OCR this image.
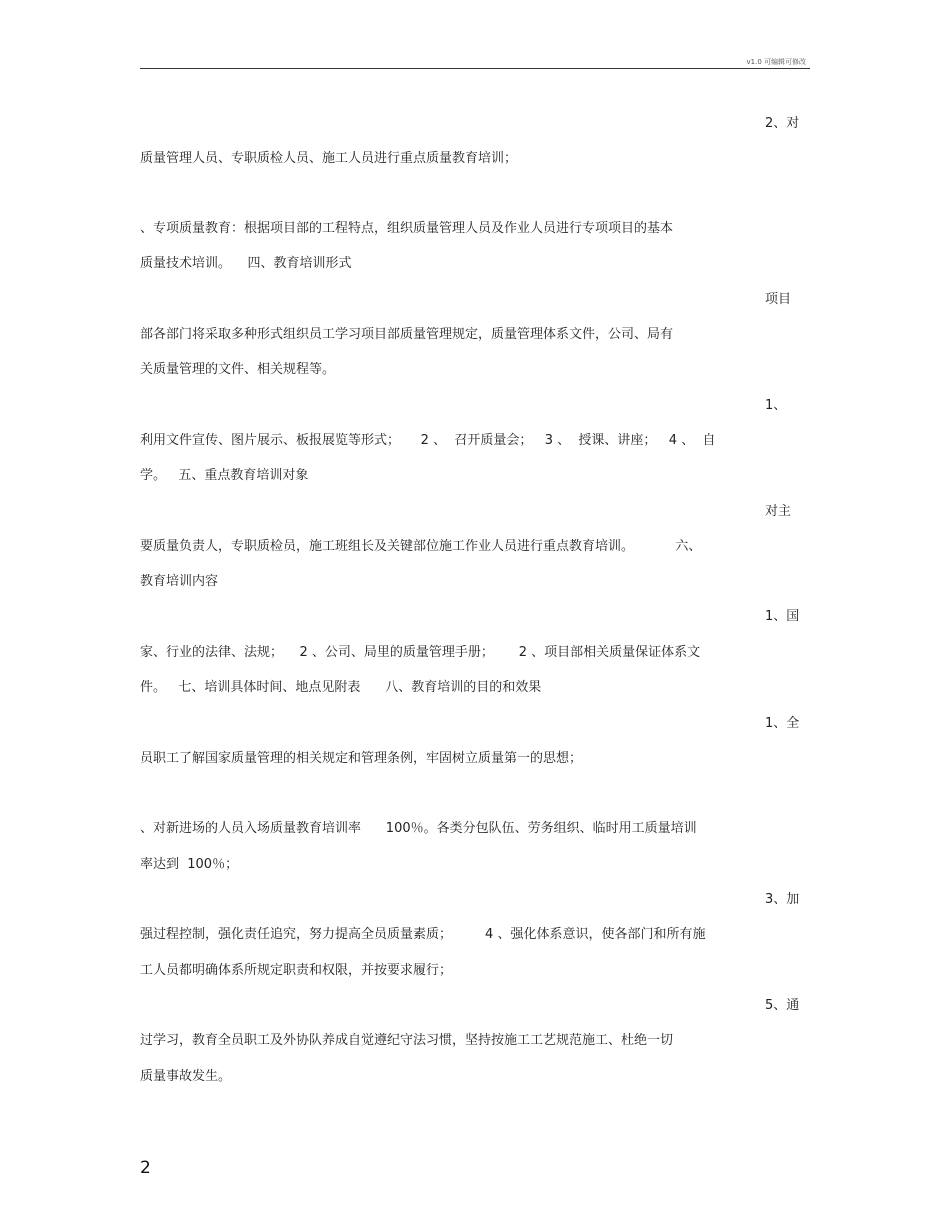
v1.0 可编辑可修改
2、对
质量管理人员、专职质检人员、施工人员进行重点质量教育培训；
、专项质量教育：根据项目部的工程特点，组织质量管理人员及作业人员进行专项项目的基本
质量技术培训。    四、教育培训形式
项目
部各部门将采取多种形式组织员工学习项目部质量管理规定，质量管理体系文件，公司、局有
关质量管理的文件、相关规程等。
1、
利用文件宣传、图片展示、板报展览等形式；     2 、  召开质量会；   3 、  授课、讲座；   4 、  自
学。   五、重点教育培训对象
对主
要质量负责人，专职质检员，施工班组长及关键部位施工作业人员进行重点教育培训。          六、
教育培训内容
1、国
家、行业的法律、法规；    2 、公司、局里的质量管理手册；      2 、项目部相关质量保证体系文
件。   七、培训具体时间、地点见附表      八、教育培训的目的和效果
1、全
员职工了解国家质量管理的相关规定和管理条例，牢固树立质量第一的思想；
、对新进场的人员入场质量教育培训率      100％。各类分包队伍、劳务组织、临时用工质量培训
率达到  100％；
3、加
强过程控制，强化责任追究，努力提高全员质量素质；        4 、强化体系意识，使各部门和所有施
工人员都明确体系所规定职责和权限，并按要求履行；
5、通
过学习，教育全员职工及外协队养成自觉遵纪守法习惯，坚持按施工工艺规范施工、杜绝一切
质量事故发生。
2
